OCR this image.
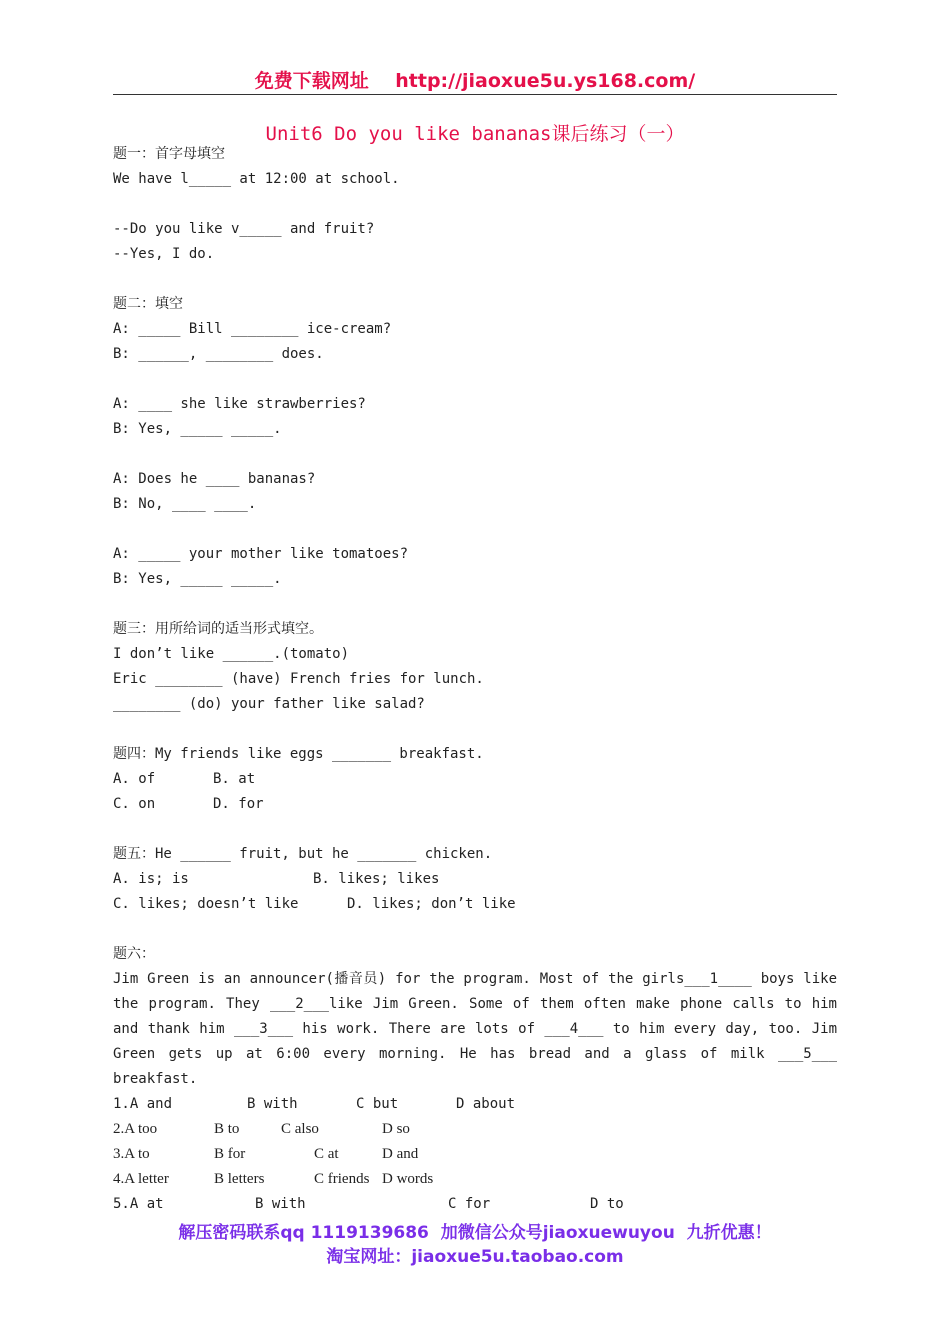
免费下载网址 http://jiaoxue5u.ys168.com/
Unit6 Do you like bananas课后练习（一）
题一：首字母填空
We have l_____ at 12:00 at school.
--Do you like v_____ and fruit?
--Yes, I do.
题二：填空
A: _____ Bill ________ ice-cream?
B: ______, ________ does.
A: ____ she like strawberries?
B: Yes, _____ _____.
A: Does he ____ bananas?
B: No, ____ ____.
A: _____ your mother like tomatoes?
B: Yes, _____ _____.
题三：用所给词的适当形式填空。
I don’t like ______.(tomato)
Eric ________ (have) French fries for lunch.
________ (do) your father like salad?
题四：My friends like eggs _______ breakfast.
A. of	B. at
C. on	D. for
题五：He ______ fruit, but he _______ chicken.
A. is; is	B. likes; likes
C. likes; doesn’t like	D. likes; don’t like
题六：
Jim Green is an announcer(播音员) for the program. Most of the girls___1____ boys like
the program. They ___2___like Jim Green. Some of them often make phone calls to him
and thank him ___3___ his work. There are lots of ___4___ to him every day, too. Jim
Green gets up at 6:00 every morning. He has bread and a glass of milk ___5___
breakfast.
1.A and	B with	C but	D about
2.A too	B to	C also	D so
3.A to	B for	C at	D and
4.A letter	B letters	C friends D words
5.A at	B with	C for	D to
解压密码联系qq 1119139686  加微信公众号jiaoxuewuyou  九折优惠！
淘宝网址：jiaoxue5u.taobao.com
